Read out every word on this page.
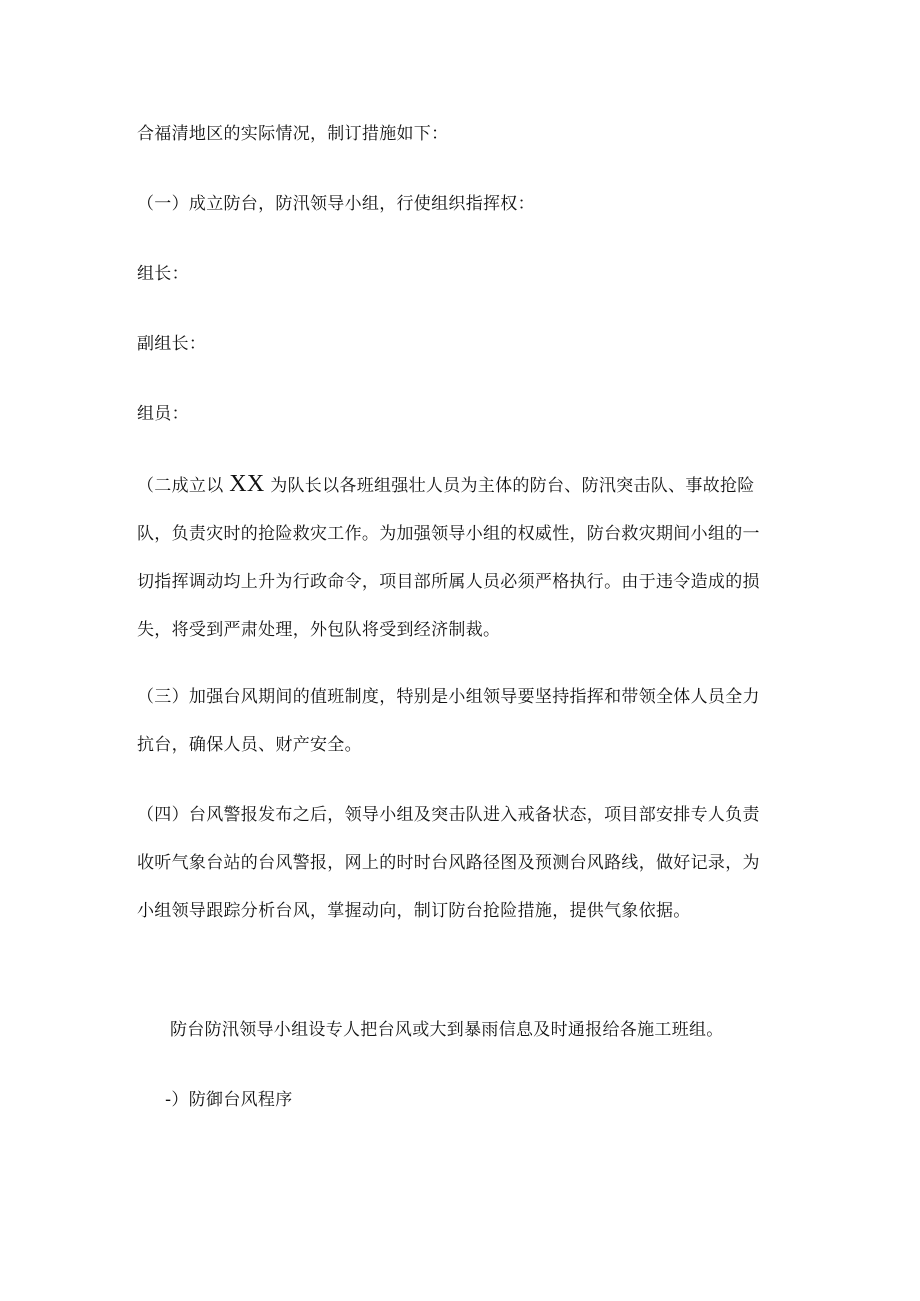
合福清地区的实际情况，制订措施如下：

（一）成立防台，防汛领导小组，行使组织指挥权：

组长：

副组长：

组员：

（二成立以 XX 为队长以各班组强壮人员为主体的防台、防汛突击队、事故抢险队，负责灾时的抢险救灾工作。为加强领导小组的权威性，防台救灾期间小组的一切指挥调动均上升为行政命令，项目部所属人员必须严格执行。由于违令造成的损失，将受到严肃处理，外包队将受到经济制裁。

（三）加强台风期间的值班制度，特别是小组领导要坚持指挥和带领全体人员全力抗台，确保人员、财产安全。

（四）台风警报发布之后，领导小组及突击队进入戒备状态，项目部安排专人负责收听气象台站的台风警报，网上的时时台风路径图及预测台风路线，做好记录，为小组领导跟踪分析台风，掌握动向，制订防台抢险措施，提供气象依据。

防台防汛领导小组设专人把台风或大到暴雨信息及时通报给各施工班组。

-）防御台风程序
